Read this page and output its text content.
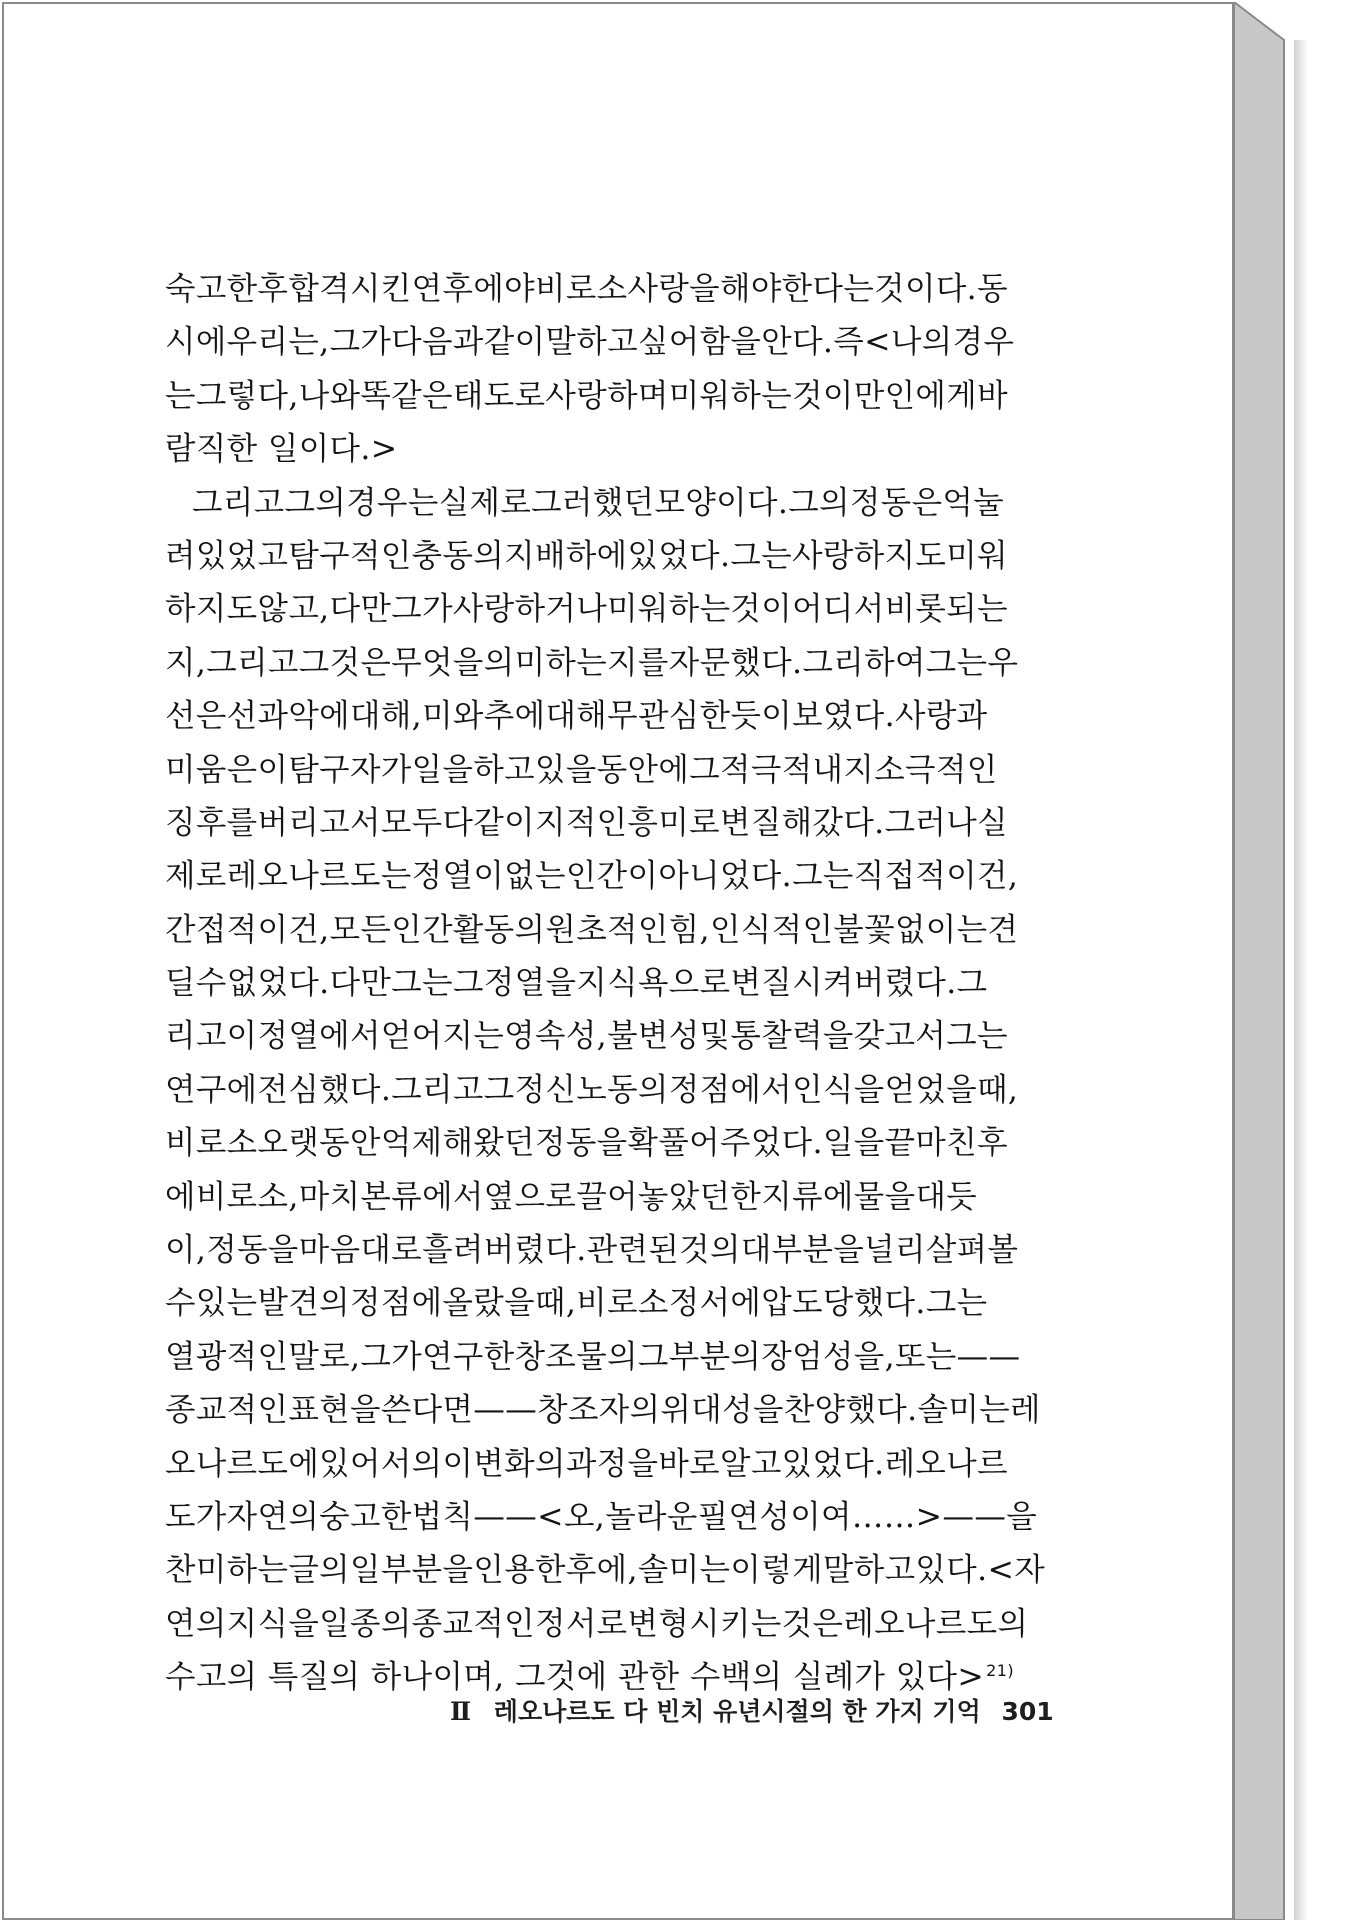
숙고한후합격시킨연후에야비로소사랑을해야한다는것이다.동
시에우리는,그가다음과같이말하고싶어함을안다.즉<나의경우
는그렇다,나와똑같은태도로사랑하며미워하는것이만인에게바
람직한 일이다.>
그리고그의경우는실제로그러했던모양이다.그의정동은억눌
려있었고탐구적인충동의지배하에있었다.그는사랑하지도미워
하지도않고,다만그가사랑하거나미워하는것이어디서비롯되는
지,그리고그것은무엇을의미하는지를자문했다.그리하여그는우
선은선과악에대해,미와추에대해무관심한듯이보였다.사랑과
미움은이탐구자가일을하고있을동안에그적극적내지소극적인
징후를버리고서모두다같이지적인흥미로변질해갔다.그러나실
제로레오나르도는정열이없는인간이아니었다.그는직접적이건,
간접적이건,모든인간활동의원초적인힘,인식적인불꽃없이는견
딜수없었다.다만그는그정열을지식욕으로변질시켜버렸다.그
리고이정열에서얻어지는영속성,불변성및통찰력을갖고서그는
연구에전심했다.그리고그정신노동의정점에서인식을얻었을때,
비로소오랫동안억제해왔던정동을확풀어주었다.일을끝마친후
에비로소,마치본류에서옆으로끌어놓았던한지류에물을대듯
이,정동을마음대로흘려버렸다.관련된것의대부분을널리살펴볼
수있는발견의정점에올랐을때,비로소정서에압도당했다.그는
열광적인말로,그가연구한창조물의그부분의장엄성을,또는——
종교적인표현을쓴다면——창조자의위대성을찬양했다.솔미는레
오나르도에있어서의이변화의과정을바로알고있었다.레오나르
도가자연의숭고한법칙——<오,놀라운필연성이여……>——을
찬미하는글의일부분을인용한후에,솔미는이렇게말하고있다.<자
연의지식을일종의종교적인정서로변형시키는것은레오나르도의
수고의 특질의 하나이며, 그것에 관한 수백의 실례가 있다> $^{21)}$
Ⅱ 레오나르도 다 빈치 유년시절의 한 가지 기억 301
